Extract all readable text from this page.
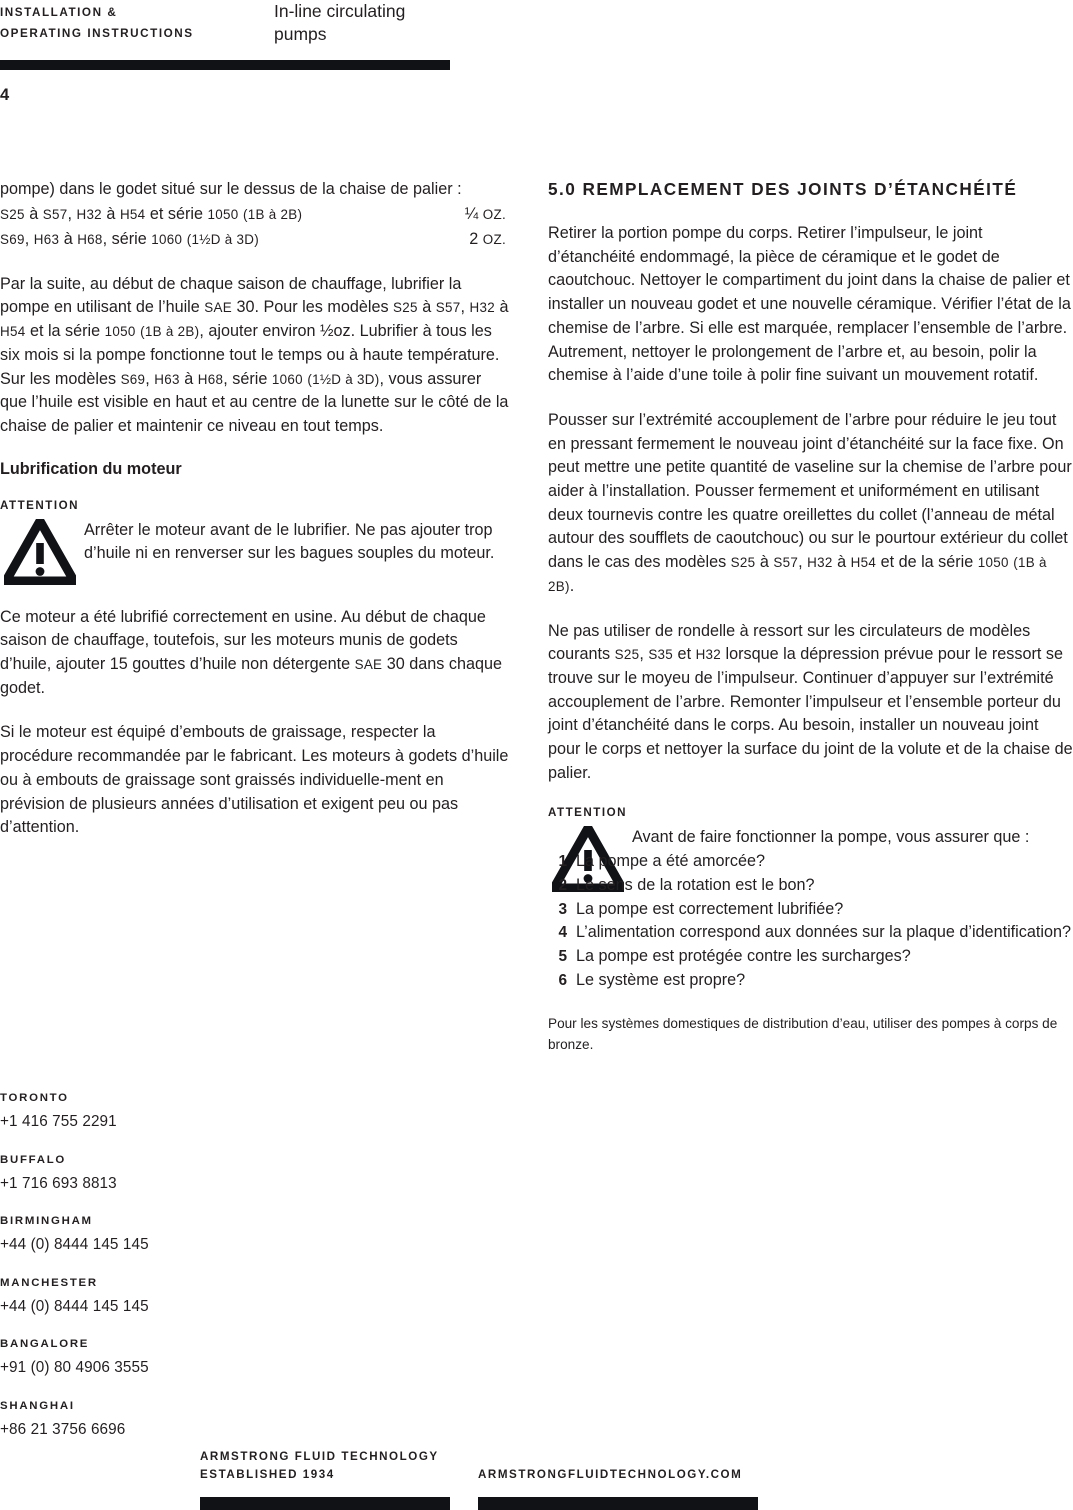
INSTALLATION &
OPERATING INSTRUCTIONS
In-line circulating
pumps
4

pompe) dans le godet situé sur le dessus de la chaise de palier :

S25 à S57, H32 à H54 et série 1050 (1B à 2B)	¼ OZ.
S69, H63 à H68, série 1060 (1½D à 3D)	2 OZ.

Par la suite, au début de chaque saison de chauffage, lubrifier la pompe en utilisant de l’huile SAE 30. Pour les modèles S25 à S57, H32 à H54 et la série 1050 (1B à 2B), ajouter environ ½oz. Lubrifier à tous les six mois si la pompe fonctionne tout le temps ou à haute température. Sur les modèles S69, H63 à H68, série 1060 (1½D à 3D), vous assurer que l’huile est visible en haut et au centre de la lunette sur le côté de la chaise de palier et maintenir ce niveau en tout temps.

Lubrification du moteur
ATTENTION
Arrêter le moteur avant de le lubrifier. Ne pas ajouter trop d’huile ni en renverser sur les bagues souples du moteur.

Ce moteur a été lubrifié correctement en usine. Au début de chaque saison de chauffage, toutefois, sur les moteurs munis de godets d’huile, ajouter 15 gouttes d’huile non détergente SAE 30 dans chaque godet.

Si le moteur est équipé d’embouts de graissage, respecter la procédure recommandée par le fabricant. Les moteurs à godets d’huile ou à embouts de graissage sont graissés individuelle-ment en prévision de plusieurs années d’utilisation et exigent peu ou pas d’attention.

5.0 REMPLACEMENT DES JOINTS D’ÉTANCHÉITÉ

Retirer la portion pompe du corps. Retirer l’impulseur, le joint d’étanchéité endommagé, la pièce de céramique et le godet de caoutchouc. Nettoyer le compartiment du joint dans la chaise de palier et installer un nouveau godet et une nouvelle céramique. Vérifier l’état de la chemise de l’arbre. Si elle est marquée, remplacer l’ensemble de l’arbre. Autrement, nettoyer le prolongement de l’arbre et, au besoin, polir la chemise à l’aide d’une toile à polir fine suivant un mouvement rotatif.

Pousser sur l’extrémité accouplement de l’arbre pour réduire le jeu tout en pressant fermement le nouveau joint d’étanchéité sur la face fixe. On peut mettre une petite quantité de vaseline sur la chemise de l’arbre pour aider à l’installation. Pousser fermement et uniformément en utilisant deux tournevis contre les quatre oreillettes du collet (l’anneau de métal autour des soufflets de caoutchouc) ou sur le pourtour extérieur du collet dans le cas des modèles S25 à S57, H32 à H54 et de la série 1050 (1B à 2B).

Ne pas utiliser de rondelle à ressort sur les circulateurs de modèles courants S25, S35 et H32 lorsque la dépression prévue pour le ressort se trouve sur le moyeu de l’impulseur. Continuer d’appuyer sur l’extrémité accouplement de l’arbre. Remonter l’impulseur et l’ensemble porteur du joint d’étanchéité dans le corps. Au besoin, installer un nouveau joint pour le corps et nettoyer la surface du joint de la volute et de la chaise de palier.

ATTENTION
Avant de faire fonctionner la pompe, vous assurer que :
1 La pompe a été amorcée?
2 Le sens de la rotation est le bon?
3 La pompe est correctement lubrifiée?
4 L’alimentation correspond aux données sur la plaque d’identification?
5 La pompe est protégée contre les surcharges?
6 Le système est propre?

Pour les systèmes domestiques de distribution d’eau, utiliser des pompes à corps de bronze.

TORONTO
+1 416 755 2291
BUFFALO
+1 716 693 8813
BIRMINGHAM
+44 (0) 8444 145 145
MANCHESTER
+44 (0) 8444 145 145
BANGALORE
+91 (0) 80 4906 3555
SHANGHAI
+86 21 3756 6696
ARMSTRONG FLUID TECHNOLOGY
ESTABLISHED 1934	ARMSTRONGFLUIDTECHNOLOGY.COM
